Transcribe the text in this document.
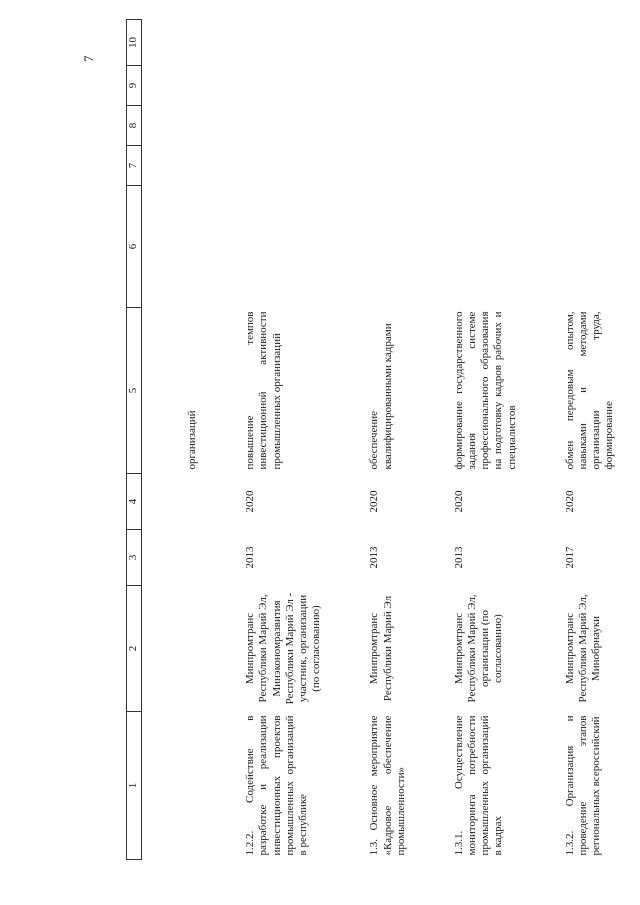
7
1	2	3	4	5	6	7	8	9	10
				организаций					
1.2.2. Содействие в разработке и реализации инвестиционных проектов промышленных организаций в республике	Минпромтранс Республики Марий Эл, Минэкономразвития Республики Марий Эл - участник, организации (по согласованию)	2013	2020	повышение темпов инвестиционной активности промышленных организаций					
1.3. Основное мероприятие «Кадровое обеспечение промышленности»	Минпромтранс Республики Марий Эл	2013	2020	обеспечение квалифицированными кадрами					
1.3.1. Осуществление мониторинга потребности промышленных организаций в кадрах	Минпромтранс Республики Марий Эл, организации (по согласованию)	2013	2020	формирование государственного задания системе профессионального образования на подготовку кадров рабочих и специалистов					
1.3.2. Организация и проведение этапов региональных всероссийский	Минпромтранс Республики Марий Эл, Минобрнауки	2017	2020	обмен передовым опытом, навыками и методами организации труда, формирование					
